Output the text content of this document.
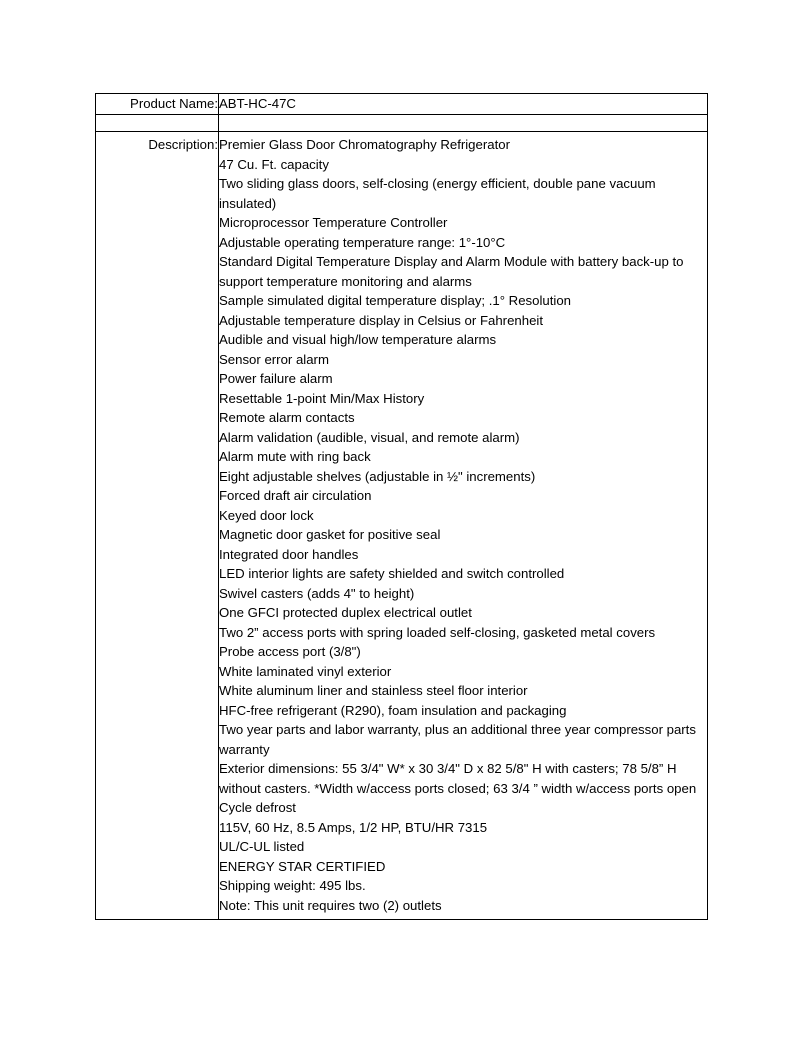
Product Name:	ABT-HC-47C

Description:	Premier Glass Door Chromatography Refrigerator
47 Cu. Ft. capacity
Two sliding glass doors, self-closing (energy efficient, double pane vacuum insulated)
Microprocessor Temperature Controller
Adjustable operating temperature range: 1°-10°C
Standard Digital Temperature Display and Alarm Module with battery back-up to support temperature monitoring and alarms
Sample simulated digital temperature display; .1° Resolution
Adjustable temperature display in Celsius or Fahrenheit
Audible and visual high/low temperature alarms
Sensor error alarm
Power failure alarm
Resettable 1-point Min/Max History
Remote alarm contacts
Alarm validation (audible, visual, and remote alarm)
Alarm mute with ring back
Eight adjustable shelves (adjustable in ½" increments)
Forced draft air circulation
Keyed door lock
Magnetic door gasket for positive seal
Integrated door handles
LED interior lights are safety shielded and switch controlled
Swivel casters (adds 4" to height)
One GFCI protected duplex electrical outlet
Two 2” access ports with spring loaded self-closing, gasketed metal covers
Probe access port (3/8")
White laminated vinyl exterior
White aluminum liner and stainless steel floor interior
HFC-free refrigerant (R290), foam insulation and packaging
Two year parts and labor warranty, plus an additional three year compressor parts warranty
Exterior dimensions: 55 3/4" W* x 30 3/4" D x 82 5/8" H with casters; 78 5/8” H without casters. *Width w/access ports closed; 63 3/4 ” width w/access ports open
Cycle defrost
115V, 60 Hz, 8.5 Amps, 1/2 HP, BTU/HR 7315
UL/C-UL listed
ENERGY STAR CERTIFIED
Shipping weight: 495 lbs.
Note: This unit requires two (2) outlets
